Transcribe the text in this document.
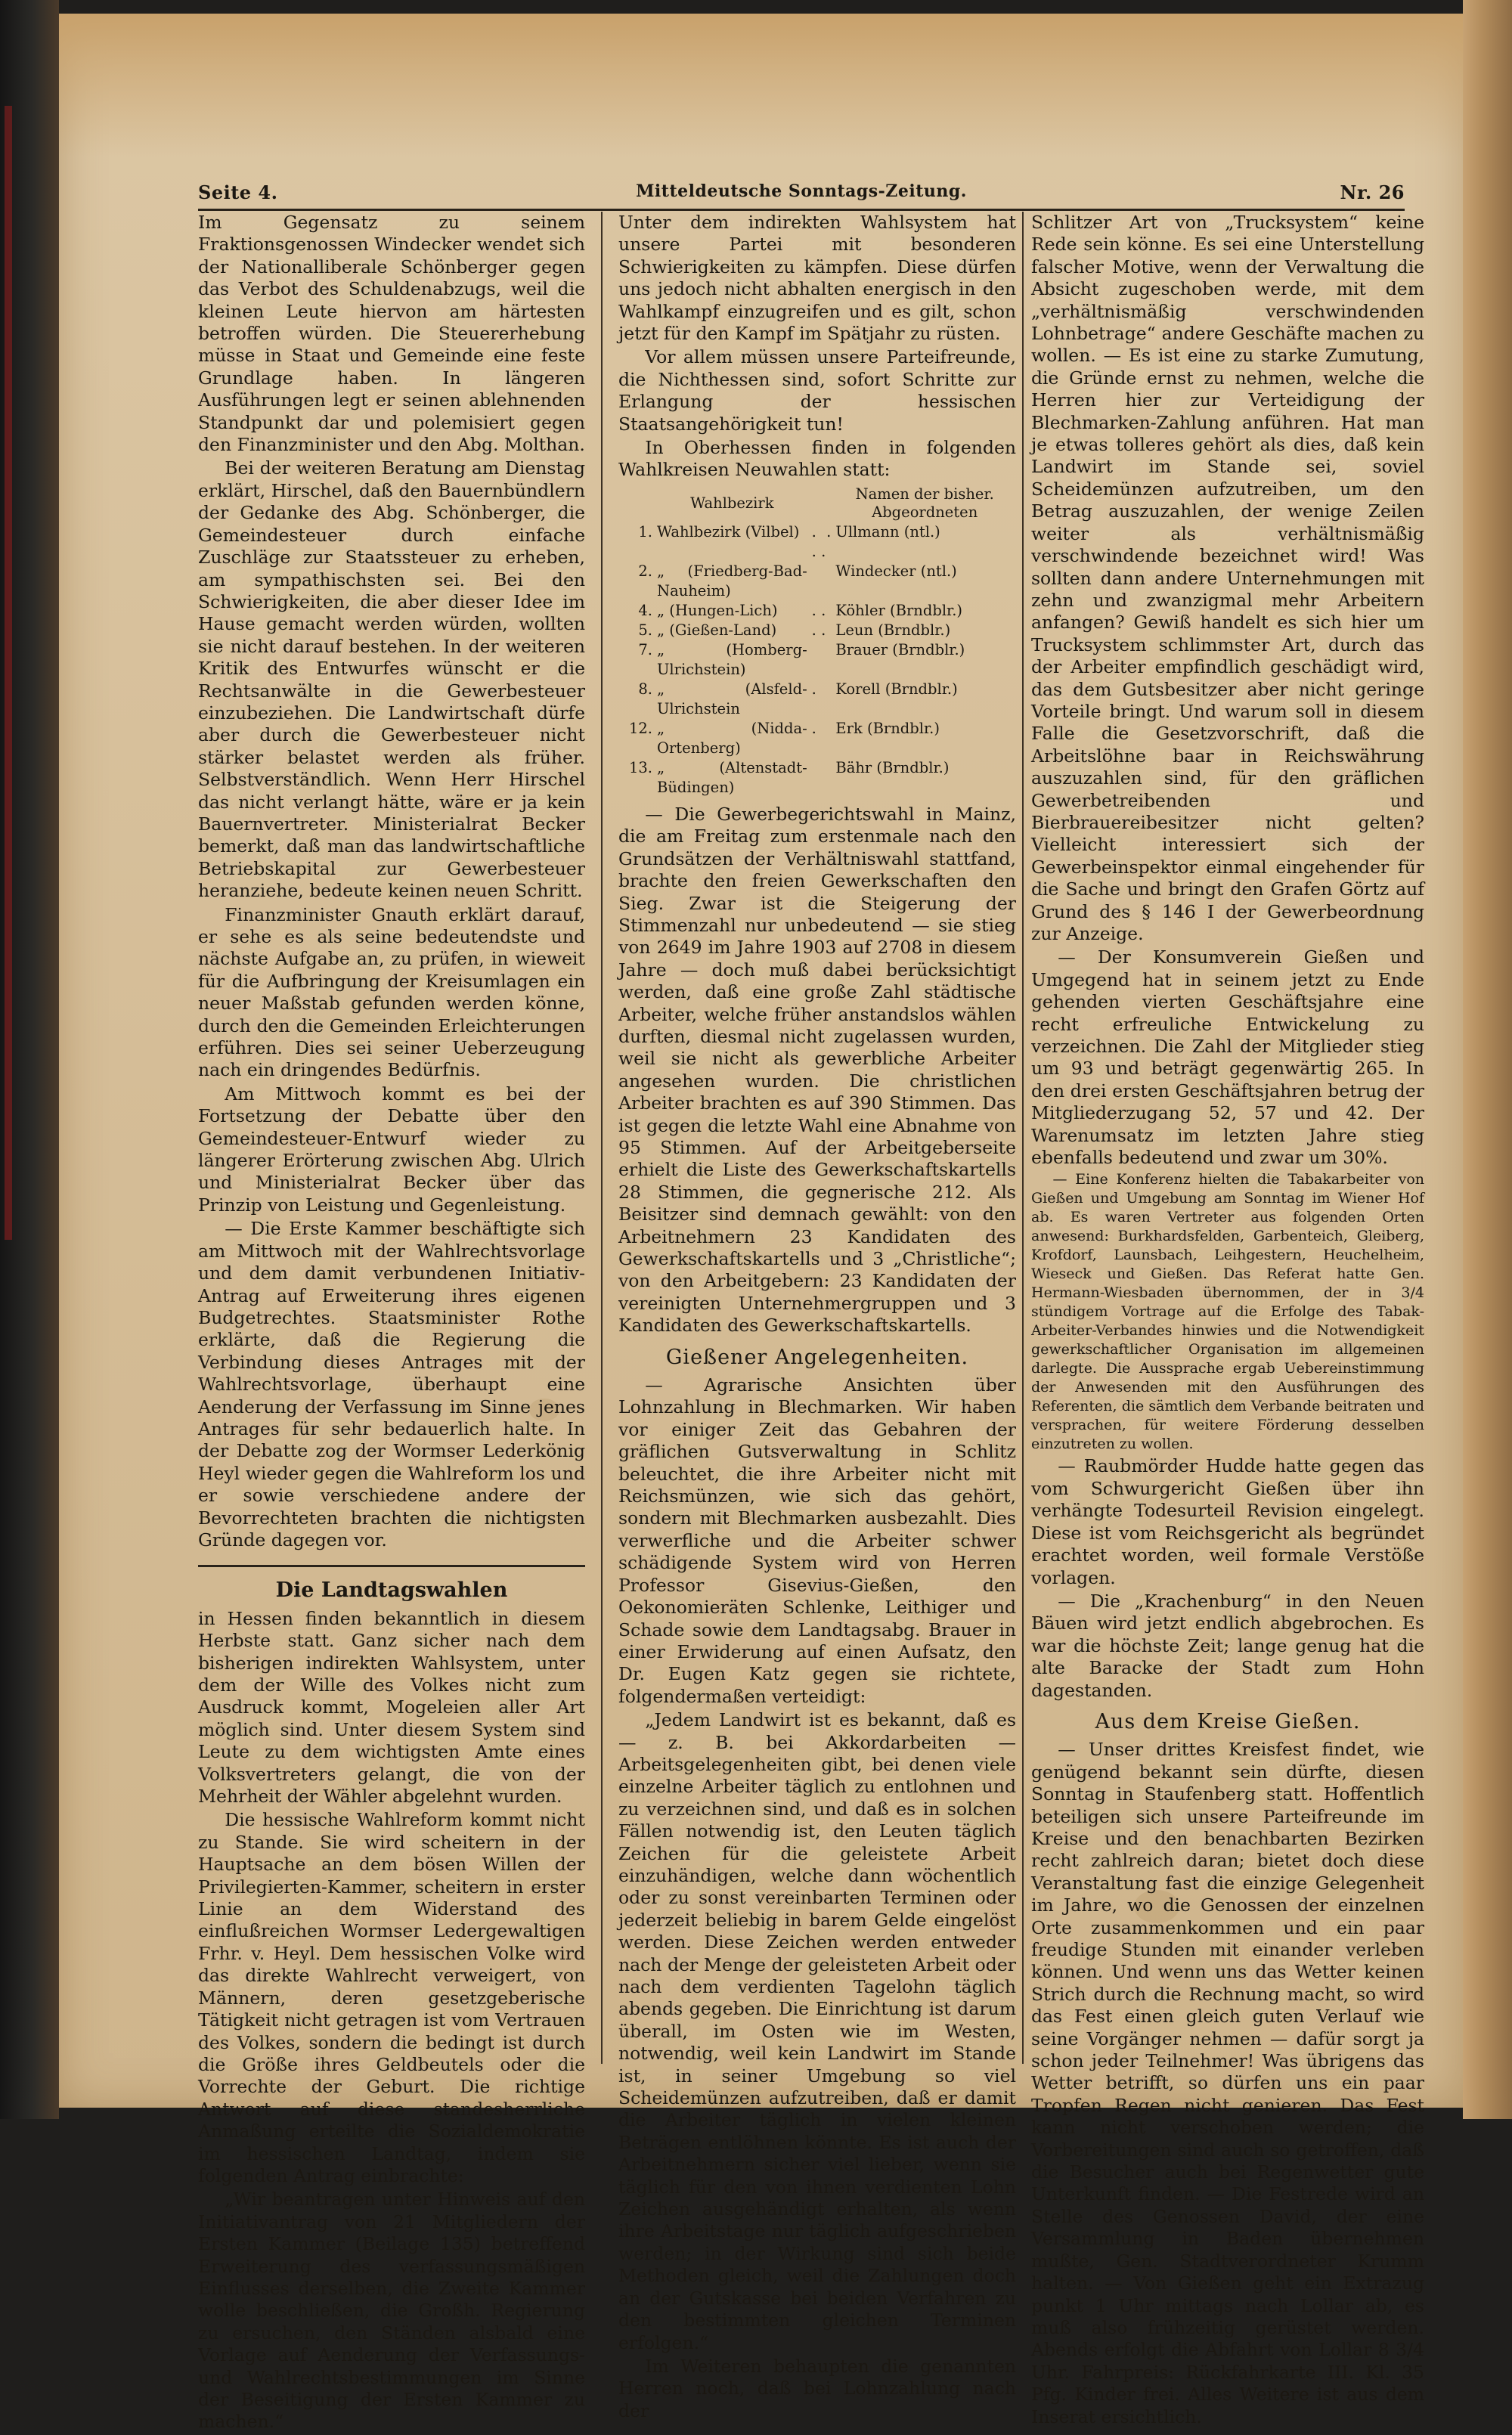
Seite 4.	Mitteldeutsche Sonntags-Zeitung.	Nr. 26

Im Gegensatz zu seinem Fraktionsgenossen Windecker wendet sich der Nationalliberale Schönberger gegen das Verbot des Schuldenabzugs, weil die kleinen Leute hiervon am härtesten betroffen würden. Die Steuererhebung müsse in Staat und Gemeinde eine feste Grundlage haben. In längeren Ausführungen legt er seinen ablehnenden Standpunkt dar und polemisiert gegen den Finanzminister und den Abg. Molthan.

Bei der weiteren Beratung am Dienstag erklärt, Hirschel, daß den Bauernbündlern der Gedanke des Abg. Schönberger, die Gemeindesteuer durch einfache Zuschläge zur Staatssteuer zu erheben, am sympathischsten sei. Bei den Schwierigkeiten, die aber dieser Idee im Hause gemacht werden würden, wollten sie nicht darauf bestehen. In der weiteren Kritik des Entwurfes wünscht er die Rechtsanwälte in die Gewerbesteuer einzubeziehen. Die Landwirtschaft dürfe aber durch die Gewerbesteuer nicht stärker belastet werden als früher. Selbstverständlich. Wenn Herr Hirschel das nicht verlangt hätte, wäre er ja kein Bauernvertreter. Ministerialrat Becker bemerkt, daß man das landwirtschaftliche Betriebskapital zur Gewerbesteuer heranziehe, bedeute keinen neuen Schritt.

Finanzminister Gnauth erklärt darauf, er sehe es als seine bedeutendste und nächste Aufgabe an, zu prüfen, in wieweit für die Aufbringung der Kreisumlagen ein neuer Maßstab gefunden werden könne, durch den die Gemeinden Erleichterungen erführen. Dies sei seiner Ueberzeugung nach ein dringendes Bedürfnis.

Am Mittwoch kommt es bei der Fortsetzung der Debatte über den Gemeindesteuer-Entwurf wieder zu längerer Erörterung zwischen Abg. Ulrich und Ministerialrat Becker über das Prinzip von Leistung und Gegenleistung.

— Die Erste Kammer beschäftigte sich am Mittwoch mit der Wahlrechtsvorlage und dem damit verbundenen Initiativ-Antrag auf Erweiterung ihres eigenen Budgetrechtes. Staatsminister Rothe erklärte, daß die Regierung die Verbindung dieses Antrages mit der Wahlrechtsvorlage, überhaupt eine Aenderung der Verfassung im Sinne jenes Antrages für sehr bedauerlich halte. In der Debatte zog der Wormser Lederkönig Heyl wieder gegen die Wahlreform los und er sowie verschiedene andere der Bevorrechteten brachten die nichtigsten Gründe dagegen vor.

Die Landtagswahlen

in Hessen finden bekanntlich in diesem Herbste statt. Ganz sicher nach dem bisherigen indirekten Wahlsystem, unter dem der Wille des Volkes nicht zum Ausdruck kommt, Mogeleien aller Art möglich sind. Unter diesem System sind Leute zu dem wichtigsten Amte eines Volksvertreters gelangt, die von der Mehrheit der Wähler abgelehnt wurden.

Die hessische Wahlreform kommt nicht zu Stande. Sie wird scheitern in der Hauptsache an dem bösen Willen der Privilegierten-Kammer, scheitern in erster Linie an dem Widerstand des einflußreichen Wormser Ledergewaltigen Frhr. v. Heyl. Dem hessischen Volke wird das direkte Wahlrecht verweigert, von Männern, deren gesetzgeberische Tätigkeit nicht getragen ist vom Vertrauen des Volkes, sondern die bedingt ist durch die Größe ihres Geldbeutels oder die Vorrechte der Geburt. Die richtige Antwort auf diese standesherrliche Anmaßung erteilte die Sozialdemokratie im hessischen Landtag, indem sie folgenden Antrag einbrachte:

„Wir beantragen unter Hinweis auf den Initiativantrag von 21 Mitgliedern der Ersten Kammer (Beilage 135) betreffend Erweiterung des verfassungsmäßigen Einflusses derselben, die Zweite Kammer wolle beschließen, die Großh. Regierung zu ersuchen, den Ständen alsbald eine Vorlage auf Aenderung der Verfassungs- und Wahlrechtsbestimmungen im Sinne der Beseitigung der Ersten Kammer zu machen.“

Unter dem indirekten Wahlsystem hat unsere Partei mit besonderen Schwierigkeiten zu kämpfen. Diese dürfen uns jedoch nicht abhalten energisch in den Wahlkampf einzugreifen und es gilt, schon jetzt für den Kampf im Spätjahr zu rüsten.

Vor allem müssen unsere Parteifreunde, die Nichthessen sind, sofort Schritte zur Erlangung der hessischen Staatsangehörigkeit tun!

In Oberhessen finden in folgenden Wahlkreisen Neuwahlen statt:

	Wahlbezirk		Namen der bisher. Abgeordneten
1.	Wahlbezirk (Vilbel)	. . . .	Ullmann (ntl.)
2.	„ (Friedberg-Bad-Nauheim)		Windecker (ntl.)
4.	„ (Hungen-Lich)	. .	Köhler (Brndblr.)
5.	„ (Gießen-Land)	. .	Leun (Brndblr.)
7.	„ (Homberg-Ulrichstein)		Brauer (Brndblr.)
8.	„ (Alsfeld-Ulrichstein	.	Korell (Brndblr.)
12.	„ (Nidda-Ortenberg)	.	Erk (Brndblr.)
13.	„ (Altenstadt-Büdingen)		Bähr (Brndblr.)

— Die Gewerbegerichtswahl in Mainz, die am Freitag zum erstenmale nach den Grundsätzen der Verhältniswahl stattfand, brachte den freien Gewerkschaften den Sieg. Zwar ist die Steigerung der Stimmenzahl nur unbedeutend — sie stieg von 2649 im Jahre 1903 auf 2708 in diesem Jahre — doch muß dabei berücksichtigt werden, daß eine große Zahl städtische Arbeiter, welche früher anstandslos wählen durften, diesmal nicht zugelassen wurden, weil sie nicht als gewerbliche Arbeiter angesehen wurden. Die christlichen Arbeiter brachten es auf 390 Stimmen. Das ist gegen die letzte Wahl eine Abnahme von 95 Stimmen. Auf der Arbeitgeberseite erhielt die Liste des Gewerkschaftskartells 28 Stimmen, die gegnerische 212. Als Beisitzer sind demnach gewählt: von den Arbeitnehmern 23 Kandidaten des Gewerkschaftskartells und 3 „Christliche“; von den Arbeitgebern: 23 Kandidaten der vereinigten Unternehmergruppen und 3 Kandidaten des Gewerkschaftskartells.

Gießener Angelegenheiten.

— Agrarische Ansichten über Lohnzahlung in Blechmarken. Wir haben vor einiger Zeit das Gebahren der gräflichen Gutsverwaltung in Schlitz beleuchtet, die ihre Arbeiter nicht mit Reichsmünzen, wie sich das gehört, sondern mit Blechmarken ausbezahlt. Dies verwerfliche und die Arbeiter schwer schädigende System wird von Herren Professor Gisevius-Gießen, den Oekonomieräten Schlenke, Leithiger und Schade sowie dem Landtagsabg. Brauer in einer Erwiderung auf einen Aufsatz, den Dr. Eugen Katz gegen sie richtete, folgendermaßen verteidigt:

„Jedem Landwirt ist es bekannt, daß es — z. B. bei Akkordarbeiten — Arbeitsgelegenheiten gibt, bei denen viele einzelne Arbeiter täglich zu entlohnen und zu verzeichnen sind, und daß es in solchen Fällen notwendig ist, den Leuten täglich Zeichen für die geleistete Arbeit einzuhändigen, welche dann wöchentlich oder zu sonst vereinbarten Terminen oder jederzeit beliebig in barem Gelde eingelöst werden. Diese Zeichen werden entweder nach der Menge der geleisteten Arbeit oder nach dem verdienten Tagelohn täglich abends gegeben. Die Einrichtung ist darum überall, im Osten wie im Westen, notwendig, weil kein Landwirt im Stande ist, in seiner Umgebung so viel Scheidemünzen aufzutreiben, daß er damit die Arbeiter täglich in vielen kleinen Beträgen entlöhnen könnte. Es ist auch der Arbeitnehmern sicher viel lieber, wenn sie täglich für den von ihnen verdienten Lohn Zeichen ausgehändigt erhalten, als wenn ihre Arbeitstage nur täglich aufgeschrieben werden; in der Wirkung sind sich beide Methoden gleich, weil die Zahlungen doch an der Gutskasse bei beiden Verfahren zu den bestimmten gleichen Terminen erfolgen.“

Im Weiteren behaupten die genannten Herren noch, daß bei Lohnzahlung nach der

Schlitzer Art von „Trucksystem“ keine Rede sein könne. Es sei eine Unterstellung falscher Motive, wenn der Verwaltung die Absicht zugeschoben werde, mit dem „verhältnismäßig verschwindenden Lohnbetrage“ andere Geschäfte machen zu wollen. — Es ist eine zu starke Zumutung, die Gründe ernst zu nehmen, welche die Herren hier zur Verteidigung der Blechmarken-Zahlung anführen. Hat man je etwas tolleres gehört als dies, daß kein Landwirt im Stande sei, soviel Scheidemünzen aufzutreiben, um den Betrag auszuzahlen, der wenige Zeilen weiter als verhältnismäßig verschwindende bezeichnet wird! Was sollten dann andere Unternehmungen mit zehn und zwanzigmal mehr Arbeitern anfangen? Gewiß handelt es sich hier um Trucksystem schlimmster Art, durch das der Arbeiter empfindlich geschädigt wird, das dem Gutsbesitzer aber nicht geringe Vorteile bringt. Und warum soll in diesem Falle die Gesetzvorschrift, daß die Arbeitslöhne baar in Reichswährung auszuzahlen sind, für den gräflichen Gewerbetreibenden und Bierbrauereibesitzer nicht gelten? Vielleicht interessiert sich der Gewerbeinspektor einmal eingehender für die Sache und bringt den Grafen Görtz auf Grund des § 146 I der Gewerbeordnung zur Anzeige.

— Der Konsumverein Gießen und Umgegend hat in seinem jetzt zu Ende gehenden vierten Geschäftsjahre eine recht erfreuliche Entwickelung zu verzeichnen. Die Zahl der Mitglieder stieg um 93 und beträgt gegenwärtig 265. In den drei ersten Geschäftsjahren betrug der Mitgliederzugang 52, 57 und 42. Der Warenumsatz im letzten Jahre stieg ebenfalls bedeutend und zwar um 30%.

— Eine Konferenz hielten die Tabakarbeiter von Gießen und Umgebung am Sonntag im Wiener Hof ab. Es waren Vertreter aus folgenden Orten anwesend: Burkhardsfelden, Garbenteich, Gleiberg, Krofdorf, Launsbach, Leihgestern, Heuchelheim, Wieseck und Gießen. Das Referat hatte Gen. Hermann-Wiesbaden übernommen, der in 3/4 stündigem Vortrage auf die Erfolge des Tabak-Arbeiter-Verbandes hinwies und die Notwendigkeit gewerkschaftlicher Organisation im allgemeinen darlegte. Die Aussprache ergab Uebereinstimmung der Anwesenden mit den Ausführungen des Referenten, die sämtlich dem Verbande beitraten und versprachen, für weitere Förderung desselben einzutreten zu wollen.

— Raubmörder Hudde hatte gegen das vom Schwurgericht Gießen über ihn verhängte Todesurteil Revision eingelegt. Diese ist vom Reichsgericht als begründet erachtet worden, weil formale Verstöße vorlagen.

— Die „Krachenburg“ in den Neuen Bäuen wird jetzt endlich abgebrochen. Es war die höchste Zeit; lange genug hat die alte Baracke der Stadt zum Hohn dagestanden.

Aus dem Kreise Gießen.

— Unser drittes Kreisfest findet, wie genügend bekannt sein dürfte, diesen Sonntag in Staufenberg statt. Hoffentlich beteiligen sich unsere Parteifreunde im Kreise und den benachbarten Bezirken recht zahlreich daran; bietet doch diese Veranstaltung fast die einzige Gelegenheit im Jahre, wo die Genossen der einzelnen Orte zusammenkommen und ein paar freudige Stunden mit einander verleben können. Und wenn uns das Wetter keinen Strich durch die Rechnung macht, so wird das Fest einen gleich guten Verlauf wie seine Vorgänger nehmen — dafür sorgt ja schon jeder Teilnehmer! Was übrigens das Wetter betrifft, so dürfen uns ein paar Tropfen Regen nicht genieren. Das Fest kann nicht verschoben werden; die Vorbereitungen sind auch so getroffen, daß die Besucher auch bei Regenwetter gute Unterkunft finden. — Die Festrede wird an Stelle des Genossen David, der eine Versammlung in Baden übernehmen mußte, Gen. Stadtverordneter Krumm halten. — Von Gießen geht ein Extrazug punkt 1 Uhr mittags nach Lollar ab, es muß also frühzeitig gerüstet werden. Abends erfolgt die Abfahrt von Lollar 8 3/4 Uhr. Fahrpreis: Rückfahrkarte III. Kl. 35 Pfg. Kinder frei. Alles Weitere ist aus dem Inserat ersichtlich.
